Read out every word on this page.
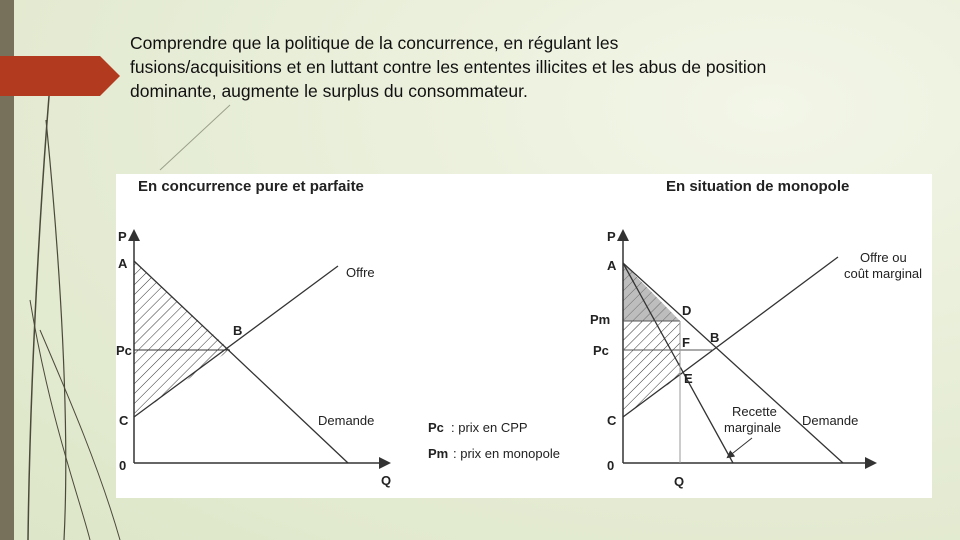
Comprendre que la politique de la concurrence, en régulant les
fusions/acquisitions et en luttant contre les ententes illicites et les abus de position
dominante, augmente le surplus du consommateur.
En concurrence pure et parfaite
P
A
Pc
C
0
B
Q
Offre
Demande	Pc : prix en CPP
Pm : prix en monopole
En situation de monopole
P
A
Pm
Pc
C
0
D
B
F
E
Q
Offre ou
coût marginal
Recette
marginale Demande
